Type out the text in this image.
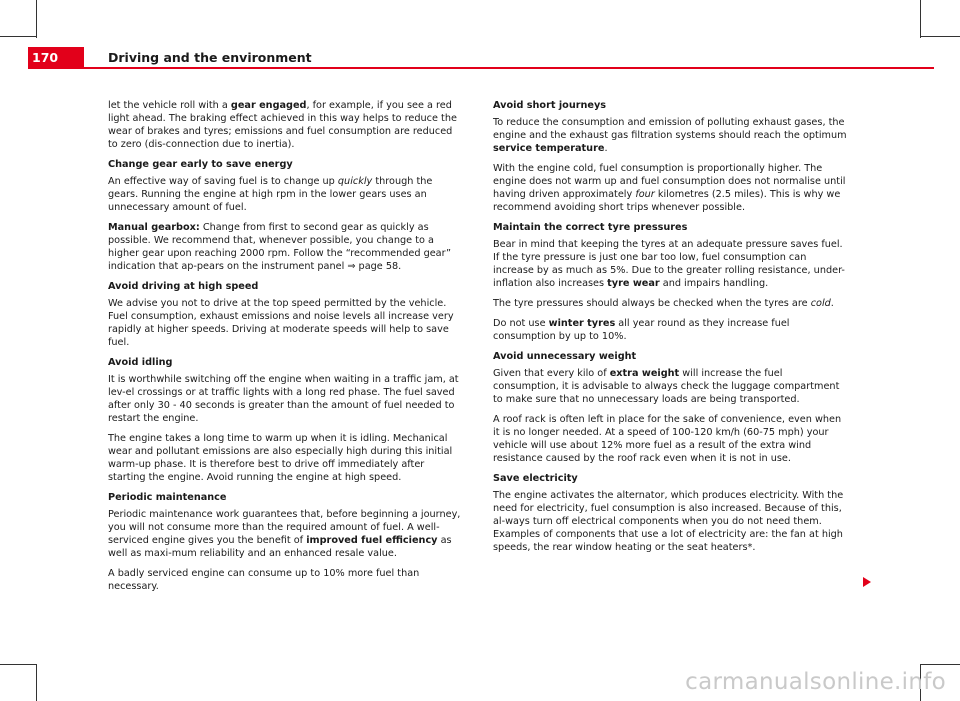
170	Driving and the environment

let the vehicle roll with a gear engaged, for example, if you see a red light ahead. The braking effect achieved in this way helps to reduce the wear of brakes and tyres; emissions and fuel consumption are reduced to zero (dis-connection due to inertia).

Change gear early to save energy

An effective way of saving fuel is to change up quickly through the gears. Running the engine at high rpm in the lower gears uses an unnecessary amount of fuel.

Manual gearbox: Change from first to second gear as quickly as possible. We recommend that, whenever possible, you change to a higher gear upon reaching 2000 rpm. Follow the “recommended gear” indication that ap-pears on the instrument panel ⇒ page 58.

Avoid driving at high speed

We advise you not to drive at the top speed permitted by the vehicle. Fuel consumption, exhaust emissions and noise levels all increase very rapidly at higher speeds. Driving at moderate speeds will help to save fuel.

Avoid idling

It is worthwhile switching off the engine when waiting in a traffic jam, at lev-el crossings or at traffic lights with a long red phase. The fuel saved after only 30 - 40 seconds is greater than the amount of fuel needed to restart the engine.

The engine takes a long time to warm up when it is idling. Mechanical wear and pollutant emissions are also especially high during this initial warm-up phase. It is therefore best to drive off immediately after starting the engine. Avoid running the engine at high speed.

Periodic maintenance

Periodic maintenance work guarantees that, before beginning a journey, you will not consume more than the required amount of fuel. A well-serviced engine gives you the benefit of improved fuel efficiency as well as maxi-mum reliability and an enhanced resale value.

A badly serviced engine can consume up to 10% more fuel than necessary.

Avoid short journeys

To reduce the consumption and emission of polluting exhaust gases, the engine and the exhaust gas filtration systems should reach the optimum service temperature.

With the engine cold, fuel consumption is proportionally higher. The engine does not warm up and fuel consumption does not normalise until having driven approximately four kilometres (2.5 miles). This is why we recommend avoiding short trips whenever possible.

Maintain the correct tyre pressures

Bear in mind that keeping the tyres at an adequate pressure saves fuel. If the tyre pressure is just one bar too low, fuel consumption can increase by as much as 5%. Due to the greater rolling resistance, under-inflation also increases tyre wear and impairs handling.

The tyre pressures should always be checked when the tyres are cold.

Do not use winter tyres all year round as they increase fuel consumption by up to 10%.

Avoid unnecessary weight

Given that every kilo of extra weight will increase the fuel consumption, it is advisable to always check the luggage compartment to make sure that no unnecessary loads are being transported.

A roof rack is often left in place for the sake of convenience, even when it is no longer needed. At a speed of 100-120 km/h (60-75 mph) your vehicle will use about 12% more fuel as a result of the extra wind resistance caused by the roof rack even when it is not in use.

Save electricity

The engine activates the alternator, which produces electricity. With the need for electricity, fuel consumption is also increased. Because of this, al-ways turn off electrical components when you do not need them. Examples of components that use a lot of electricity are: the fan at high speeds, the rear window heating or the seat heaters*.

carmanualsonline.info
